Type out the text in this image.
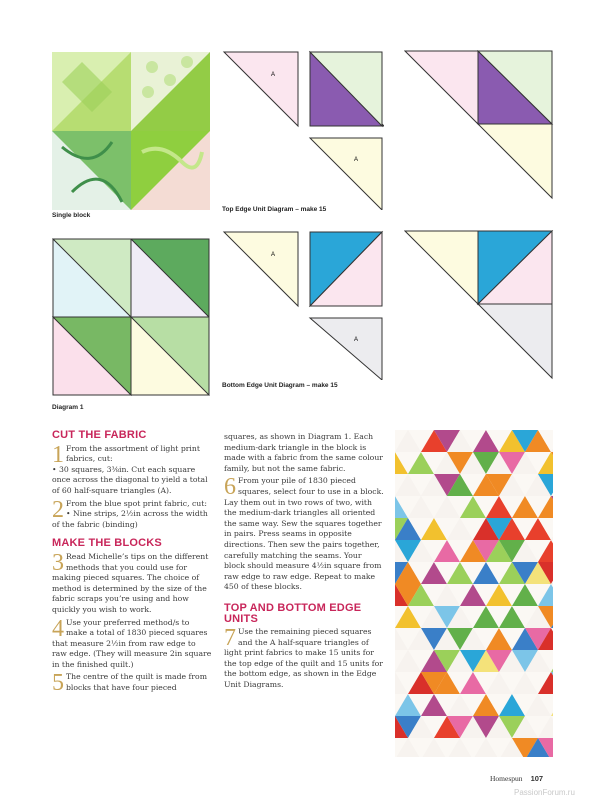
Single block
A
A
Top Edge Unit Diagram – make 15
Diagram 1
A
A
Bottom Edge Unit Diagram – make 15
CUT THE FABRIC
1 From the assortment of light print fabrics, cut:

• 30 squares, 3⅜in. Cut each square once across the diagonal to yield a total of 60 half-square triangles (A).

2 From the blue spot print fabric, cut:

• Nine strips, 2½in across the width of the fabric (binding)

MAKE THE BLOCKS
3 Read Michelle’s tips on the different methods that you could use for making pieced squares. The choice of method is determined by the size of the fabric scraps you’re using and how quickly you wish to work.

4 Use your preferred method/s to make a total of 1830 pieced squares that measure 2½in from raw edge to raw edge. (They will measure 2in square in the finished quilt.)

5 The centre of the quilt is made from blocks that have four pieced

squares, as shown in Diagram 1. Each medium-dark triangle in the block is made with a fabric from the same colour family, but not the same fabric.

6 From your pile of 1830 pieced squares, select four to use in a block. Lay them out in two rows of two, with the medium-dark triangles all oriented the same way. Sew the squares together in pairs. Press seams in opposite directions. Then sew the pairs together, carefully matching the seams. Your block should measure 4½in square from raw edge to raw edge. Repeat to make 450 of these blocks.

TOP AND BOTTOM EDGE UNITS
7 Use the remaining pieced squares and the A half-square triangles of light print fabrics to make 15 units for the top edge of the quilt and 15 units for the bottom edge, as shown in the Edge Unit Diagrams.

Homespun 107
PassionForum.ru
